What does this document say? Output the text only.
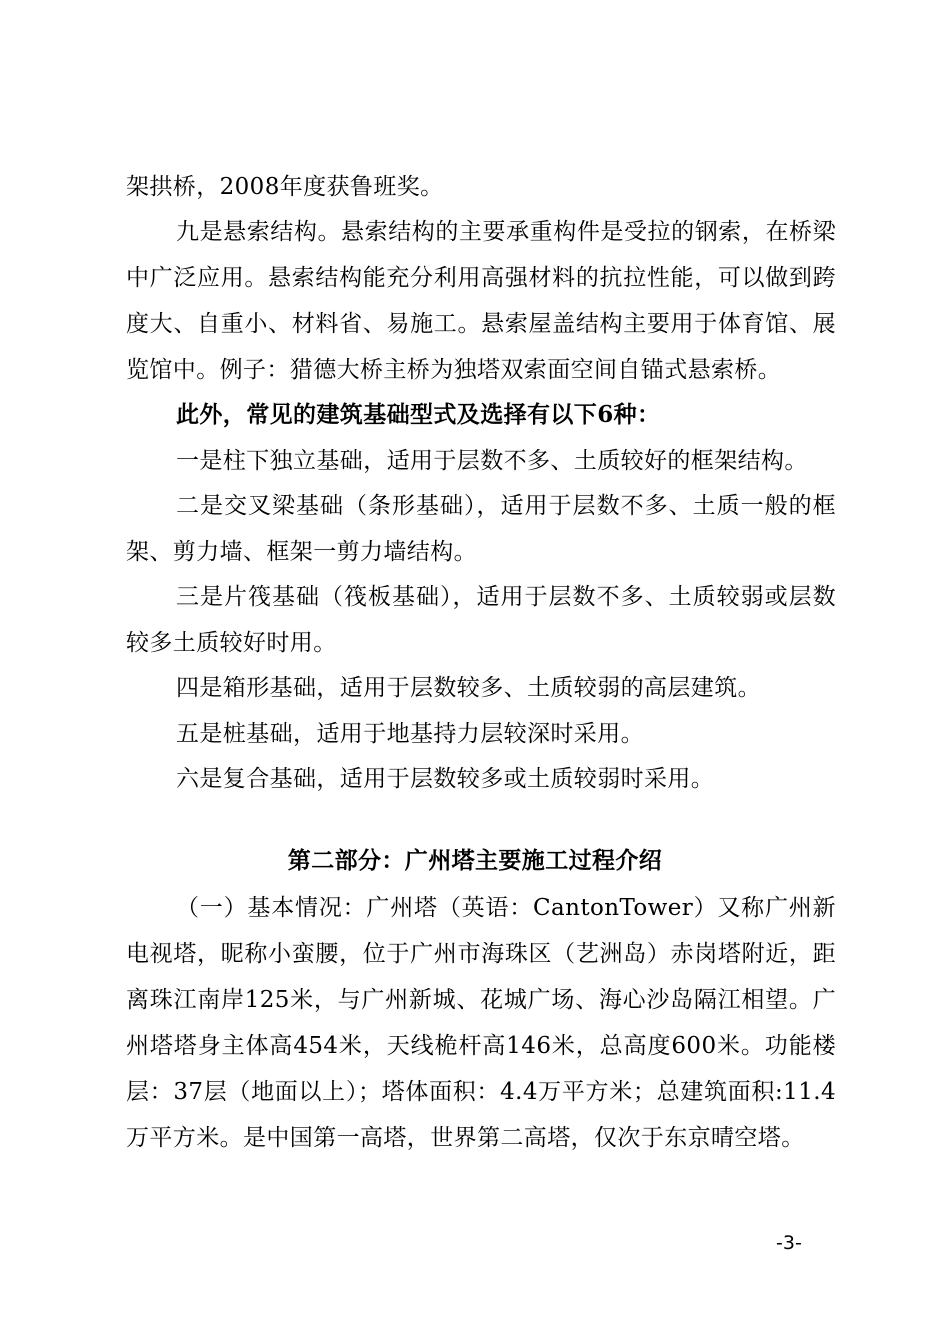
架拱桥，2008年度获鲁班奖。
九是悬索结构。悬索结构的主要承重构件是受拉的钢索，在桥梁
中广泛应用。悬索结构能充分利用高强材料的抗拉性能，可以做到跨
度大、自重小、材料省、易施工。悬索屋盖结构主要用于体育馆、展
览馆中。例子：猎德大桥主桥为独塔双索面空间自锚式悬索桥。
此外，常见的建筑基础型式及选择有以下6种：
一是柱下独立基础，适用于层数不多、土质较好的框架结构。
二是交叉梁基础（条形基础），适用于层数不多、土质一般的框
架、剪力墙、框架一剪力墙结构。
三是片筏基础（筏板基础），适用于层数不多、土质较弱或层数
较多土质较好时用。
四是箱形基础，适用于层数较多、土质较弱的高层建筑。
五是桩基础，适用于地基持力层较深时采用。
六是复合基础，适用于层数较多或土质较弱时采用。
第二部分：广州塔主要施工过程介绍
（一）基本情况：广州塔（英语：CantonTower）又称广州新
电视塔，昵称小蛮腰，位于广州市海珠区（艺洲岛）赤岗塔附近，距
离珠江南岸125米，与广州新城、花城广场、海心沙岛隔江相望。广
州塔塔身主体高454米，天线桅杆高146米，总高度600米。功能楼
层：37层（地面以上）；塔体面积：4.4万平方米；总建筑面积:11.4
万平方米。是中国第一高塔，世界第二高塔，仅次于东京晴空塔。
-3-
